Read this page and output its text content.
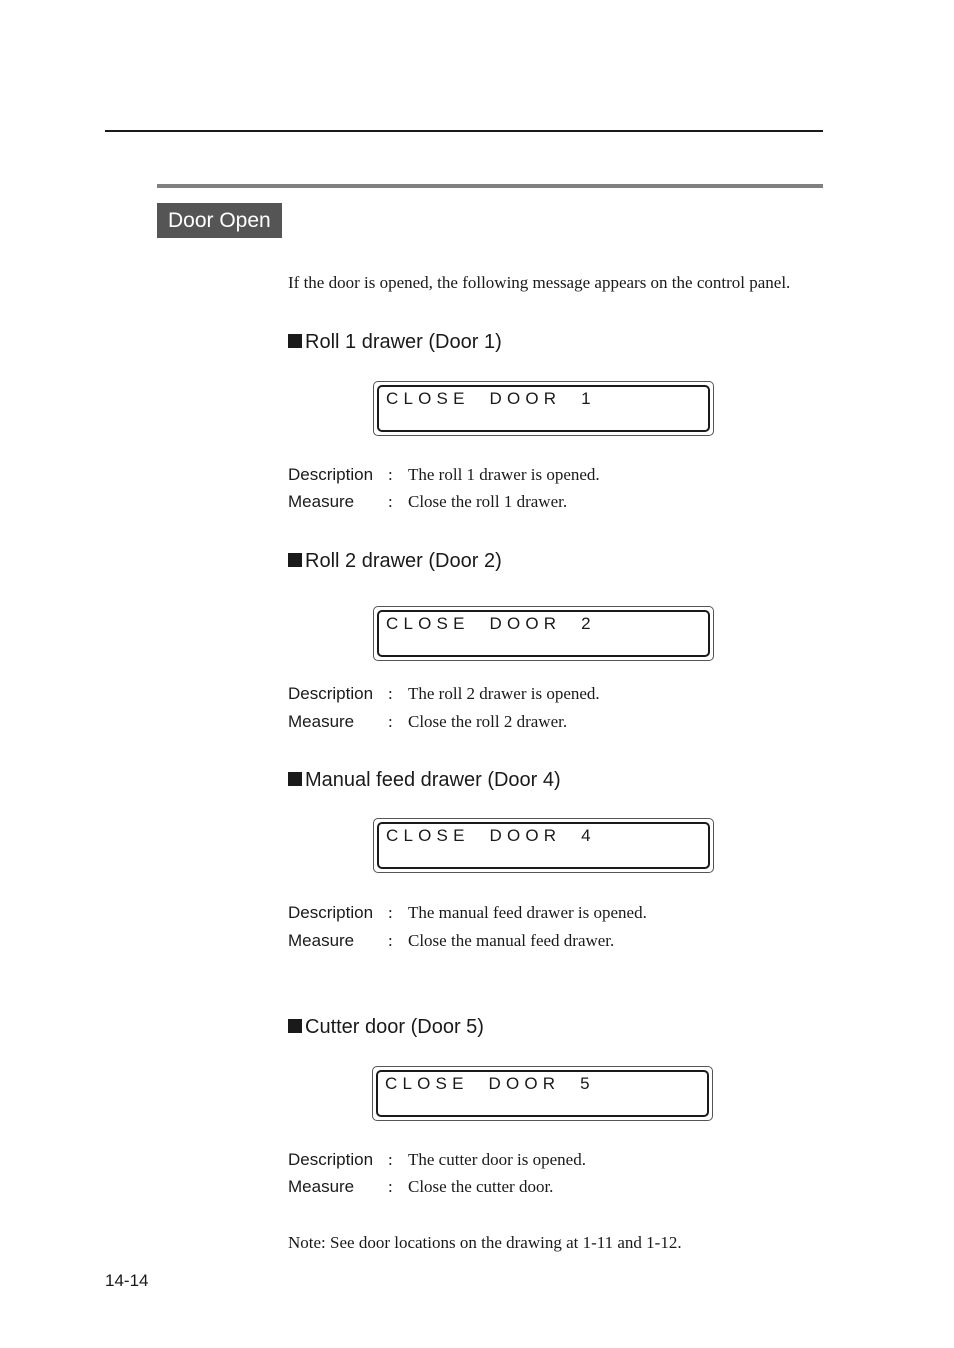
Door Open
If the door is opened, the following message appears on the control panel.
Roll 1 drawer (Door 1)
CLOSE  DOOR  1
Description : The roll 1 drawer is opened.
Measure : Close the roll 1 drawer.
Roll 2 drawer (Door 2)
CLOSE  DOOR  2
Description : The roll 2 drawer is opened.
Measure : Close the roll 2 drawer.
Manual feed drawer (Door 4)
CLOSE  DOOR  4
Description : The manual feed drawer is opened.
Measure : Close the manual feed drawer.
Cutter door (Door 5)
CLOSE  DOOR  5
Description : The cutter door is opened.
Measure : Close the cutter door.
Note: See door locations on the drawing at 1-11 and 1-12.
14-14
